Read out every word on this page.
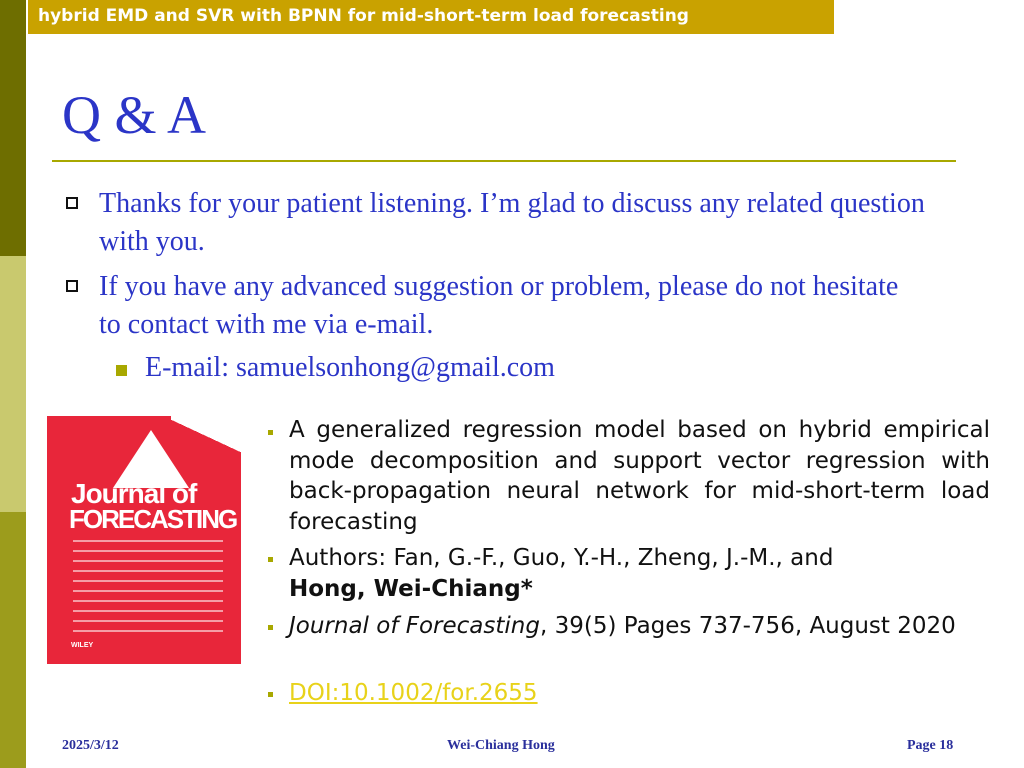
hybrid EMD and SVR with BPNN for mid-short-term load forecasting
Q & A
Thanks for your patient listening. I’m glad to discuss any related question
with you.
If you have any advanced suggestion or problem, please do not hesitate
to contact with me via e-mail.
E-mail: samuelsonhong@gmail.com
Journal of
FORECASTING
WILEY
A generalized regression model based on hybrid empirical mode decomposition and support vector regression with back-propagation neural network for mid-short-term load forecasting
Authors: Fan, G.-F., Guo, Y.-H., Zheng, J.-M., and
Hong, Wei-Chiang*
Journal of Forecasting, 39(5) Pages 737-756, August 2020
DOI:10.1002/for.2655
2025/3/12	Wei-Chiang Hong	Page 18
